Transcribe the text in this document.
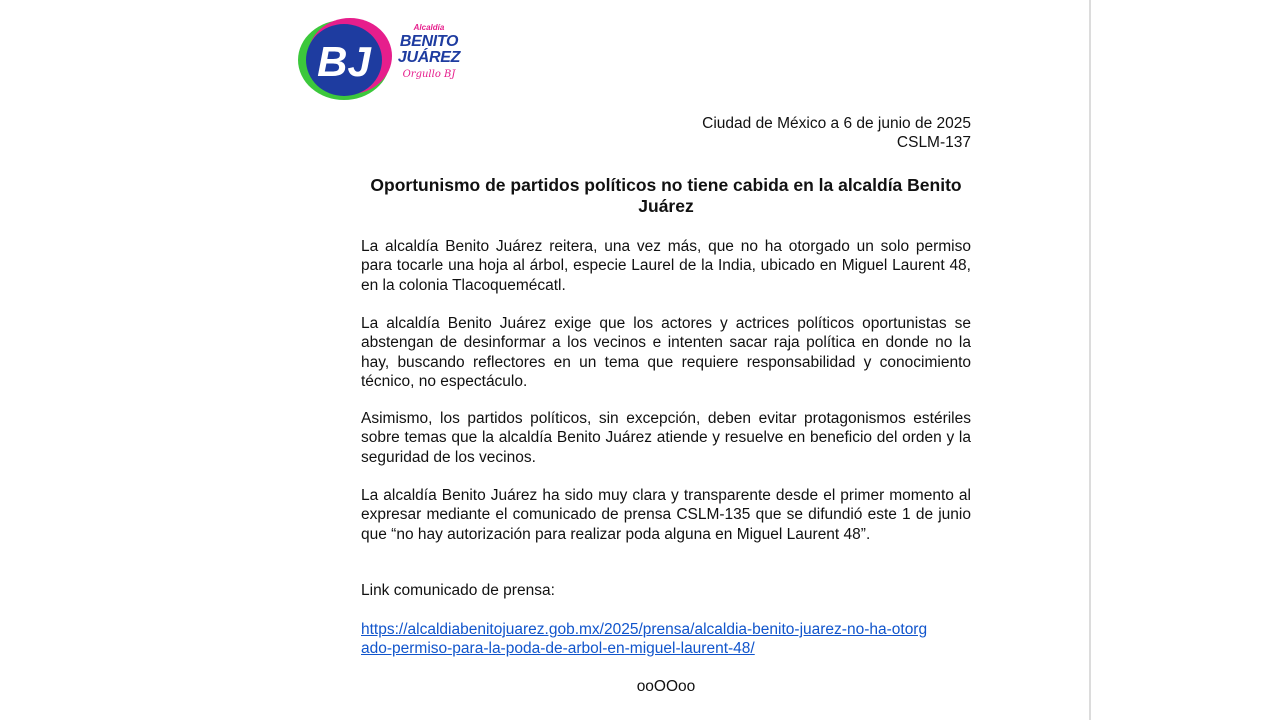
BJ
Alcaldía
BENITO
JUÁREZ
Orgullo BJ
Ciudad de México a 6 de junio de 2025
CSLM-137
Oportunismo de partidos políticos no tiene cabida en la alcaldía Benito Juárez
La alcaldía Benito Juárez reitera, una vez más, que no ha otorgado un solo permiso para tocarle una hoja al árbol, especie Laurel de la India, ubicado en Miguel Laurent 48, en la colonia Tlacoquemécatl.
La alcaldía Benito Juárez exige que los actores y actrices políticos oportunistas se abstengan de desinformar a los vecinos e intenten sacar raja política en donde no la hay, buscando reflectores en un tema que requiere responsabilidad y conocimiento técnico, no espectáculo.
Asimismo, los partidos políticos, sin excepción, deben evitar protagonismos estériles sobre temas que la alcaldía Benito Juárez atiende y resuelve en beneficio del orden y la seguridad de los vecinos.
La alcaldía Benito Juárez ha sido muy clara y transparente desde el primer momento al expresar mediante el comunicado de prensa CSLM-135 que se difundió este 1 de junio que “no hay autorización para realizar poda alguna en Miguel Laurent 48”.
Link comunicado de prensa:
https://alcaldiabenitojuarez.gob.mx/2025/prensa/alcaldia-benito-juarez-no-ha-otorg
ado-permiso-para-la-poda-de-arbol-en-miguel-laurent-48/
ooOOoo
